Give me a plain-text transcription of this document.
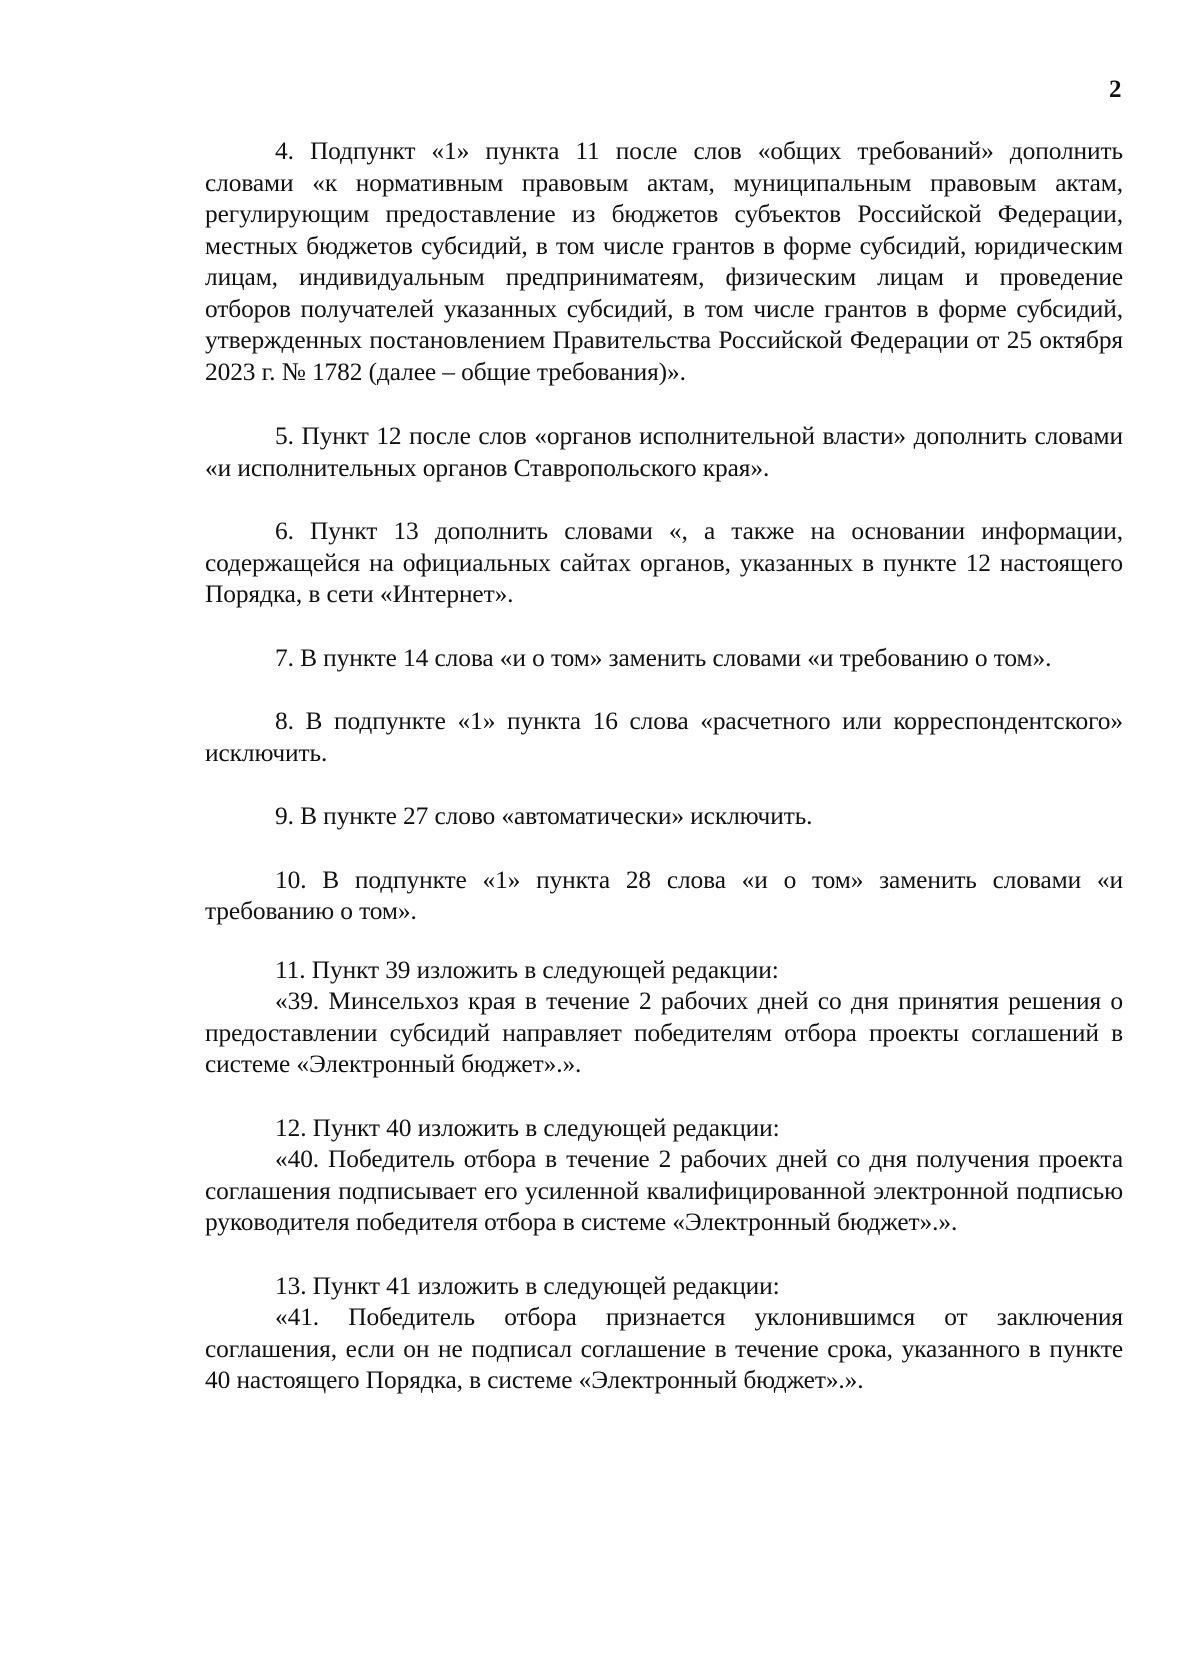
2

4. Подпункт «1» пункта 11 после слов «общих требований» дополнить словами «к нормативным правовым актам, муниципальным правовым актам, регулирующим предоставление из бюджетов субъектов Российской Федерации, местных бюджетов субсидий, в том числе грантов в форме субсидий, юридическим лицам, индивидуальным предприниматеям, физическим лицам и проведение отборов получателей указанных субсидий, в том числе грантов в форме субсидий, утвержденных постановлением Правительства Российской Федерации от 25 октября 2023 г. № 1782 (далее – общие требования)».

5. Пункт 12 после слов «органов исполнительной власти» дополнить словами «и исполнительных органов Ставропольского края».

6. Пункт 13 дополнить словами «, а также на основании информации, содержащейся на официальных сайтах органов, указанных в пункте 12 настоящего Порядка, в сети «Интернет».

7. В пункте 14 слова «и о том» заменить словами «и требованию о том».

8. В подпункте «1» пункта 16 слова «расчетного или корреспондентского» исключить.

9. В пункте 27 слово «автоматически» исключить.

10. В подпункте «1» пункта 28 слова «и о том» заменить словами «и требованию о том».

11. Пункт 39 изложить в следующей редакции:

«39. Минсельхоз края в течение 2 рабочих дней со дня принятия решения о предоставлении субсидий направляет победителям отбора проекты соглашений в системе «Электронный бюджет».».

12. Пункт 40 изложить в следующей редакции:

«40. Победитель отбора в течение 2 рабочих дней со дня получения проекта соглашения подписывает его усиленной квалифицированной электронной подписью руководителя победителя отбора в системе «Электронный бюджет».».

13. Пункт 41 изложить в следующей редакции:

«41. Победитель отбора признается уклонившимся от заключения соглашения, если он не подписал соглашение в течение срока, указанного в пункте 40 настоящего Порядка, в системе «Электронный бюджет».».
